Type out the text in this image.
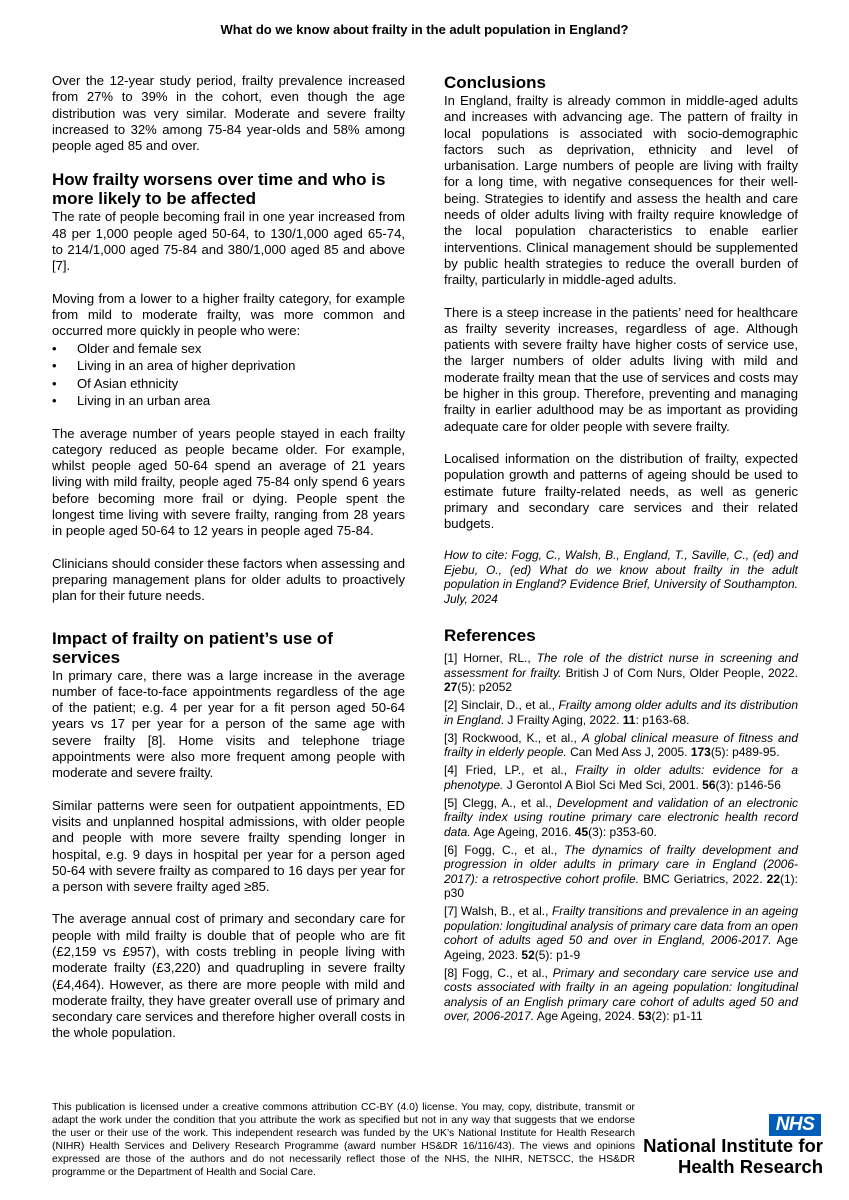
What do we know about frailty in the adult population in England?

Over the 12-year study period, frailty prevalence increased from 27% to 39% in the cohort, even though the age distribution was very similar. Moderate and severe frailty increased to 32% among 75-84 year-olds and 58% among people aged 85 and over.

How frailty worsens over time and who is more likely to be affected

The rate of people becoming frail in one year increased from 48 per 1,000 people aged 50-64, to 130/1,000 aged 65-74, to 214/1,000 aged 75-84 and 380/1,000 aged 85 and above [7].

Moving from a lower to a higher frailty category, for example from mild to moderate frailty, was more common and occurred more quickly in people who were:

• Older and female sex
• Living in an area of higher deprivation
• Of Asian ethnicity
• Living in an urban area

The average number of years people stayed in each frailty category reduced as people became older. For example, whilst people aged 50-64 spend an average of 21 years living with mild frailty, people aged 75-84 only spend 6 years before becoming more frail or dying. People spent the longest time living with severe frailty, ranging from 28 years in people aged 50-64 to 12 years in people aged 75-84.

Clinicians should consider these factors when assessing and preparing management plans for older adults to proactively plan for their future needs.

Impact of frailty on patient’s use of services

In primary care, there was a large increase in the average number of face-to-face appointments regardless of the age of the patient; e.g. 4 per year for a fit person aged 50-64 years vs 17 per year for a person of the same age with severe frailty [8]. Home visits and telephone triage appointments were also more frequent among people with moderate and severe frailty.

Similar patterns were seen for outpatient appointments, ED visits and unplanned hospital admissions, with older people and people with more severe frailty spending longer in hospital, e.g. 9 days in hospital per year for a person aged 50-64 with severe frailty as compared to 16 days per year for a person with severe frailty aged ≥85.

The average annual cost of primary and secondary care for people with mild frailty is double that of people who are fit (£2,159 vs £957), with costs trebling in people living with moderate frailty (£3,220) and quadrupling in severe frailty (£4,464). However, as there are more people with mild and moderate frailty, they have greater overall use of primary and secondary care services and therefore higher overall costs in the whole population.

Conclusions

In England, frailty is already common in middle-aged adults and increases with advancing age. The pattern of frailty in local populations is associated with socio-demographic factors such as deprivation, ethnicity and level of urbanisation. Large numbers of people are living with frailty for a long time, with negative consequences for their well-being. Strategies to identify and assess the health and care needs of older adults living with frailty require knowledge of the local population characteristics to enable earlier interventions. Clinical management should be supplemented by public health strategies to reduce the overall burden of frailty, particularly in middle-aged adults.

There is a steep increase in the patients’ need for healthcare as frailty severity increases, regardless of age. Although patients with severe frailty have higher costs of service use, the larger numbers of older adults living with mild and moderate frailty mean that the use of services and costs may be higher in this group. Therefore, preventing and managing frailty in earlier adulthood may be as important as providing adequate care for older people with severe frailty.

Localised information on the distribution of frailty, expected population growth and patterns of ageing should be used to estimate future frailty-related needs, as well as generic primary and secondary care services and their related budgets.

How to cite: Fogg, C., Walsh, B., England, T., Saville, C., (ed) and Ejebu, O., (ed) What do we know about frailty in the adult population in England? Evidence Brief, University of Southampton. July, 2024

References

[1] Horner, RL., The role of the district nurse in screening and assessment for frailty. British J of Com Nurs, Older People, 2022. 27(5): p2052

[2] Sinclair, D., et al., Frailty among older adults and its distribution in England. J Frailty Aging, 2022. 11: p163-68.

[3] Rockwood, K., et al., A global clinical measure of fitness and frailty in elderly people. Can Med Ass J, 2005. 173(5): p489-95.

[4] Fried, LP., et al., Frailty in older adults: evidence for a phenotype. J Gerontol A Biol Sci Med Sci, 2001. 56(3): p146-56

[5] Clegg, A., et al., Development and validation of an electronic frailty index using routine primary care electronic health record data. Age Ageing, 2016. 45(3): p353-60.

[6] Fogg, C., et al., The dynamics of frailty development and progression in older adults in primary care in England (2006-2017): a retrospective cohort profile. BMC Geriatrics, 2022. 22(1): p30

[7] Walsh, B., et al., Frailty transitions and prevalence in an ageing population: longitudinal analysis of primary care data from an open cohort of adults aged 50 and over in England, 2006-2017. Age Ageing, 2023. 52(5): p1-9

[8] Fogg, C., et al., Primary and secondary care service use and costs associated with frailty in an ageing population: longitudinal analysis of an English primary care cohort of adults aged 50 and over, 2006-2017. Age Ageing, 2024. 53(2): p1-11

This publication is licensed under a creative commons attribution CC-BY (4.0) license. You may, copy, distribute, transmit or adapt the work under the condition that you attribute the work as specified but not in any way that suggests that we endorse the user or their use of the work. This independent research was funded by the UK’s National Institute for Health Research (NIHR) Health Services and Delivery Research Programme (award number HS&DR 16/116/43). The views and opinions expressed are those of the authors and do not necessarily reflect those of the NHS, the NIHR, NETSCC, the HS&DR programme or the Department of Health and Social Care.
NHS
National Institute for
Health Research
